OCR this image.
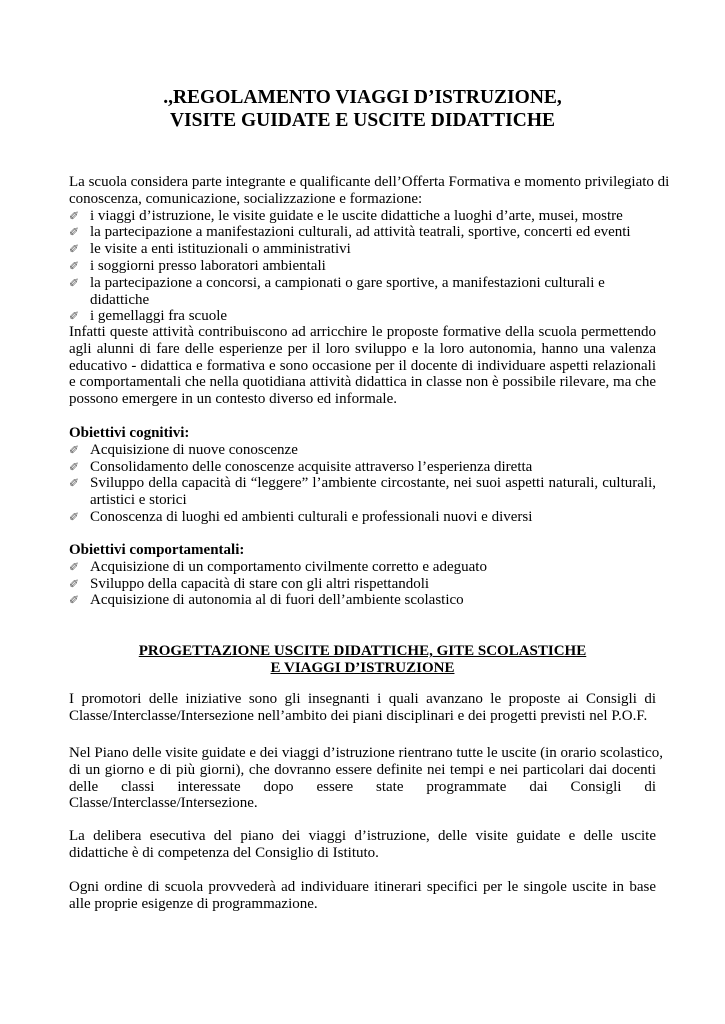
.,REGOLAMENTO VIAGGI D’ISTRUZIONE,
VISITE GUIDATE E USCITE DIDATTICHE

La scuola considera parte integrante e qualificante dell’Offerta Formativa e momento privilegiato di

conoscenza, comunicazione, socializzazione e formazione:

✐ i viaggi d’istruzione, le visite guidate e le uscite didattiche a luoghi d’arte, musei, mostre
✐ la partecipazione a manifestazioni culturali, ad attività teatrali, sportive, concerti ed eventi
✐ le visite a enti istituzionali o amministrativi
✐ i soggiorni presso laboratori ambientali
✐ la partecipazione a concorsi, a campionati o gare sportive, a manifestazioni culturali e didattiche
✐ i gemellaggi fra scuole

Infatti queste attività contribuiscono ad arricchire le proposte formative della scuola permettendo agli alunni di fare delle esperienze per il loro sviluppo e la loro autonomia, hanno una valenza educativo - didattica e formativa e sono occasione per il docente di individuare aspetti relazionali e comportamentali che nella quotidiana attività didattica in classe non è possibile rilevare, ma che possono emergere in un contesto diverso ed informale.

Obiettivi cognitivi:

✐ Acquisizione di nuove conoscenze
✐ Consolidamento delle conoscenze acquisite attraverso l’esperienza diretta
✐ Sviluppo della capacità di “leggere” l’ambiente circostante, nei suoi aspetti naturali, culturali, artistici e storici
✐ Conoscenza di luoghi ed ambienti culturali e professionali nuovi e diversi

Obiettivi comportamentali:

✐ Acquisizione di un comportamento civilmente corretto e adeguato
✐ Sviluppo della capacità di stare con gli altri rispettandoli
✐ Acquisizione di autonomia al di fuori dell’ambiente scolastico
PROGETTAZIONE USCITE DIDATTICHE, GITE SCOLASTICHE
E VIAGGI D’ISTRUZIONE

I promotori delle iniziative sono gli insegnanti i quali avanzano le proposte ai Consigli di Classe/Interclasse/Intersezione nell’ambito dei piani disciplinari e dei progetti previsti nel P.O.F.

Nel Piano delle visite guidate e dei viaggi d’istruzione rientrano tutte le uscite (in orario scolastico,

di un giorno e di più giorni), che dovranno essere definite nei tempi e nei particolari dai docenti

delle classi interessate dopo essere state programmate dai Consigli di

Classe/Interclasse/Intersezione.

La delibera esecutiva del piano dei viaggi d’istruzione, delle visite guidate e delle uscite didattiche è di competenza del Consiglio di Istituto.

Ogni ordine di scuola provvederà ad individuare itinerari specifici per le singole uscite in base alle proprie esigenze di programmazione.
